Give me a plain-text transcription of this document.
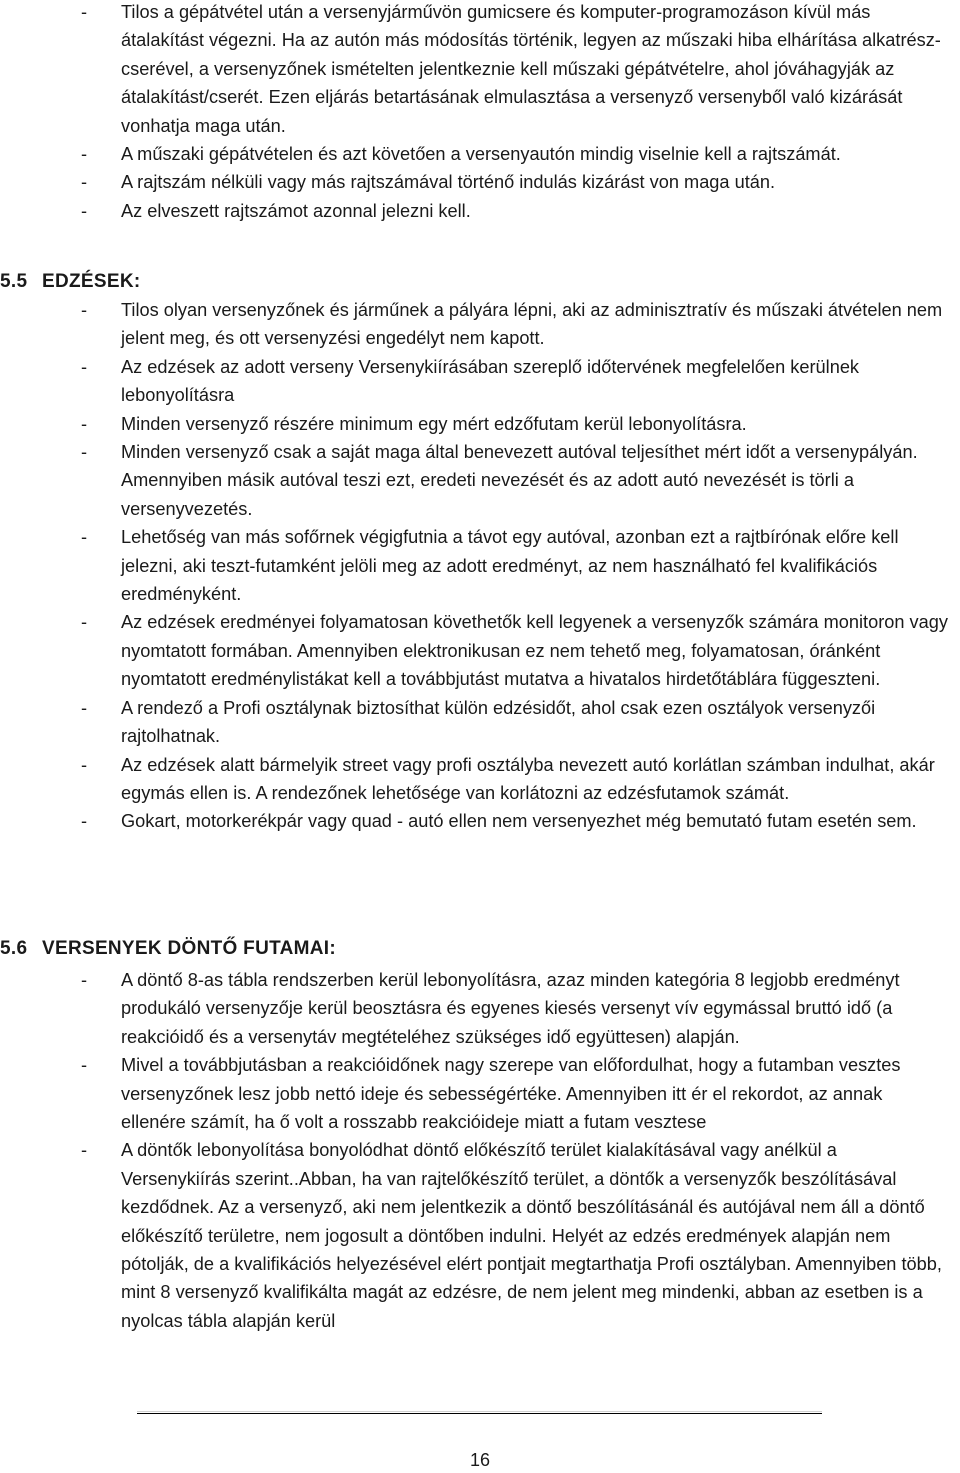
- Tilos a gépátvétel után a versenyjárművön gumicsere és komputer-programozáson kívül más átalakítást végezni. Ha az autón más módosítás történik, legyen az műszaki hiba elhárítása alkatrész-cserével, a versenyzőnek ismételten jelentkeznie kell műszaki gépátvételre, ahol jóváhagyják az átalakítást/cserét. Ezen eljárás betartásának elmulasztása a versenyző versenyből való kizárását vonhatja maga után.
- A műszaki gépátvételen és azt követően a versenyautón mindig viselnie kell a rajtszámát.
- A rajtszám nélküli vagy más rajtszámával történő indulás kizárást von maga után.
- Az elveszett rajtszámot azonnal jelezni kell.
5.5 EDZÉSEK:
- Tilos olyan versenyzőnek és járműnek a pályára lépni, aki az adminisztratív és műszaki átvételen nem jelent meg, és ott versenyzési engedélyt nem kapott.
- Az edzések az adott verseny Versenykiírásában szereplő időtervének megfelelően kerülnek lebonyolításra
- Minden versenyző részére minimum egy mért edzőfutam kerül lebonyolításra.
- Minden versenyző csak a saját maga által benevezett autóval teljesíthet mért időt a versenypályán. Amennyiben másik autóval teszi ezt, eredeti nevezését és az adott autó nevezését is törli a versenyvezetés.
- Lehetőség van más sofőrnek végigfutnia a távot egy autóval, azonban ezt a rajtbírónak előre kell jelezni, aki teszt-futamként jelöli meg az adott eredményt, az nem használható fel kvalifikációs eredményként.
- Az edzések eredményei folyamatosan követhetők kell legyenek a versenyzők számára monitoron vagy nyomtatott formában. Amennyiben elektronikusan ez nem tehető meg, folyamatosan, óránként nyomtatott eredménylistákat kell a továbbjutást mutatva a hivatalos hirdetőtáblára függeszteni.
- A rendező a Profi osztálynak biztosíthat külön edzésidőt, ahol csak ezen osztályok versenyzői rajtolhatnak.
- Az edzések alatt bármelyik street vagy profi osztályba nevezett autó korlátlan számban indulhat, akár egymás ellen is. A rendezőnek lehetősége van korlátozni az edzésfutamok számát.
- Gokart, motorkerékpár vagy quad - autó ellen nem versenyezhet még bemutató futam esetén sem.
5.6 VERSENYEK DÖNTŐ FUTAMAI:
- A döntő 8-as tábla rendszerben kerül lebonyolításra, azaz minden kategória 8 legjobb eredményt produkáló versenyzője kerül beosztásra és egyenes kiesés versenyt vív egymással bruttó idő (a reakcióidő és a versenytáv megtételéhez szükséges idő együttesen) alapján.
- Mivel a továbbjutásban a reakcióidőnek nagy szerepe van előfordulhat, hogy a futamban vesztes versenyzőnek lesz jobb nettó ideje és sebességértéke. Amennyiben itt ér el rekordot, az annak ellenére számít, ha ő volt a rosszabb reakcióideje miatt a futam vesztese
- A döntők lebonyolítása bonyolódhat döntő előkészítő terület kialakításával vagy anélkül a Versenykiírás szerint..Abban, ha van rajtelőkészítő terület, a döntők a versenyzők beszólításával kezdődnek. Az a versenyző, aki nem jelentkezik a döntő beszólításánál és autójával nem áll a döntő előkészítő területre, nem jogosult a döntőben indulni. Helyét az edzés eredmények alapján nem pótolják, de a kvalifikációs helyezésével elért pontjait megtarthatja Profi osztályban. Amennyiben több, mint 8 versenyző kvalifikálta magát az edzésre, de nem jelent meg mindenki, abban az esetben is a nyolcas tábla alapján kerül
16
